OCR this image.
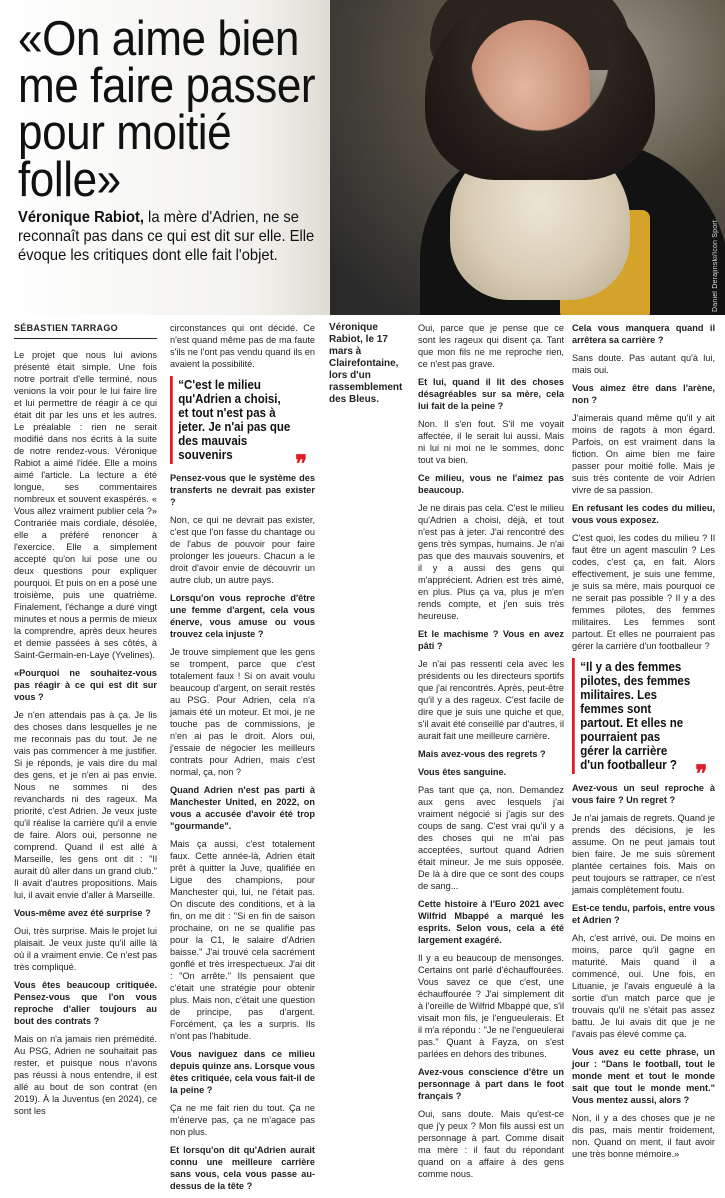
Daniel Derajinski/Icon Sport
«On aime bien me faire passer pour moitié folle»
Véronique Rabiot, la mère d'Adrien, ne se reconnaît pas dans ce qui est dit sur elle. Elle évoque les critiques dont elle fait l'objet.

SÉBASTIEN TARRAGO

Le projet que nous lui avions présenté était simple. Une fois notre portrait d'elle terminé, nous venions la voir pour le lui faire lire et lui permettre de réagir à ce qui était dit par les uns et les autres. Le préalable : rien ne serait modifié dans nos écrits à la suite de notre rendez-vous. Véronique Rabiot a aimé l'idée. Elle a moins aimé l'article. La lecture a été longue, ses commentaires nombreux et souvent exaspérés. « Vous allez vraiment publier cela ?» Contrariée mais cordiale, désolée, elle a préféré renoncer à l'exercice. Elle a simplement accepté qu'on lui pose une ou deux questions pour expliquer pourquoi. Et puis on en a posé une troisième, puis une quatrième. Finalement, l'échange a duré vingt minutes et nous a permis de mieux la comprendre, après deux heures et demie passées à ses côtés, à Saint-Germain-en-Laye (Yvelines).

«Pourquoi ne souhaitez-vous pas réagir à ce qui est dit sur vous ?

Je n'en attendais pas à ça. Je lis des choses dans lesquelles je ne me reconnais pas du tout. Je ne vais pas commencer à me justifier. Si je réponds, je vais dire du mal des gens, et je n'en ai pas envie. Nous ne sommes ni des revanchards ni des rageux. Ma priorité, c'est Adrien. Je veux juste qu'il réalise la carrière qu'il a envie de faire. Alors oui, personne ne comprend. Quand il est allé à Marseille, les gens ont dit : "Il aurait dû aller dans un grand club." Il avait d'autres propositions. Mais lui, il avait envie d'aller à Marseille.

Vous-même avez été surprise ?

Oui, très surprise. Mais le projet lui plaisait. Je veux juste qu'il aille là où il a vraiment envie. Ce n'est pas très compliqué.

Vous êtes beaucoup critiquée. Pensez-vous que l'on vous reproche d'aller toujours au bout des contrats ?

Mais on n'a jamais rien prémédité. Au PSG, Adrien ne souhaitait pas rester, et puisque nous n'avons pas réussi à nous entendre, il est allé au bout de son contrat (en 2019). À la Juventus (en 2024), ce sont les

circonstances qui ont décidé. Ce n'est quand même pas de ma faute s'ils ne l'ont pas vendu quand ils en avaient la possibilité.

“C'est le milieu qu'Adrien a choisi, et tout n'est pas à jeter. Je n'ai pas que des mauvais souvenirs	❞

Pensez-vous que le système des transferts ne devrait pas exister ?

Non, ce qui ne devrait pas exister, c'est que l'on fasse du chantage ou de l'abus de pouvoir pour faire prolonger les joueurs. Chacun a le droit d'avoir envie de découvrir un autre club, un autre pays.

Lorsqu'on vous reproche d'être une femme d'argent, cela vous énerve, vous amuse ou vous trouvez cela injuste ?

Je trouve simplement que les gens se trompent, parce que c'est totalement faux ! Si on avait voulu beaucoup d'argent, on serait restés au PSG. Pour Adrien, cela n'a jamais été un moteur. Et moi, je ne touche pas de commissions, je n'en ai pas le droit. Alors oui, j'essaie de négocier les meilleurs contrats pour Adrien, mais c'est normal, ça, non ?

Quand Adrien n'est pas parti à Manchester United, en 2022, on vous a accusée d'avoir été trop "gourmande".

Mais ça aussi, c'est totalement faux. Cette année-là, Adrien était prêt à quitter la Juve, qualifiée en Ligue des champions, pour Manchester qui, lui, ne l'était pas. On discute des conditions, et à la fin, on me dit : "Si en fin de saison prochaine, on ne se qualifie pas pour la C1, le salaire d'Adrien baisse." J'ai trouvé cela sacrément gonflé et très irrespectueux. J'ai dit : "On arrête." Ils pensaient que c'était une stratégie pour obtenir plus. Mais non, c'était une question de principe, pas d'argent. Forcément, ça les a surpris. Ils n'ont pas l'habitude.

Vous naviguez dans ce milieu depuis quinze ans. Lorsque vous êtes critiquée, cela vous fait-il de la peine ?

Ça ne me fait rien du tout. Ça ne m'énerve pas, ça ne m'agace pas non plus.

Et lorsqu'on dit qu'Adrien aurait connu une meilleure carrière sans vous, cela vous passe au-dessus de la tête ?

Véronique Rabiot, le 17 mars à Clairefontaine, lors d'un rassemblement des Bleus.

Oui, parce que je pense que ce sont les rageux qui disent ça. Tant que mon fils ne me reproche rien, ce n'est pas grave.

Et lui, quand il lit des choses désagréables sur sa mère, cela lui fait de la peine ?

Non. Il s'en fout. S'il me voyait affectée, il le serait lui aussi. Mais ni lui ni moi ne le sommes, donc tout va bien.

Ce milieu, vous ne l'aimez pas beaucoup.

Je ne dirais pas cela. C'est le milieu qu'Adrien a choisi, déjà, et tout n'est pas à jeter. J'ai rencontré des gens très sympas, humains. Je n'ai pas que des mauvais souvenirs, et il y a aussi des gens qui m'apprécient. Adrien est très aimé, en plus. Plus ça va, plus je m'en rends compte, et j'en suis très heureuse.

Et le machisme ? Vous en avez pâti ?

Je n'ai pas ressenti cela avec les présidents ou les directeurs sportifs que j'ai rencontrés. Après, peut-être qu'il y a des rageux. C'est facile de dire que je suis une quiche et que, s'il avait été conseillé par d'autres, il aurait fait une meilleure carrière.

Mais avez-vous des regrets ?

Vous êtes sanguine.

Pas tant que ça, non. Demandez aux gens avec lesquels j'ai vraiment négocié si j'agis sur des coups de sang. C'est vrai qu'il y a des choses qui ne m'ai pas acceptées, surtout quand Adrien était mineur. Je me suis opposée. De là à dire que ce sont des coups de sang...

Cette histoire à l'Euro 2021 avec Wilfrid Mbappé a marqué les esprits. Selon vous, cela a été largement exagéré.

Il y a eu beaucoup de mensonges. Certains ont parlé d'échauffourées. Vous savez ce que c'est, une échauffourée ? J'ai simplement dit à l'oreille de Wilfrid Mbappé que, s'il visait mon fils, je l'engueulerais. Et il m'a répondu : "Je ne l'engueulerai pas." Quant à Fayza, on s'est parlées en dehors des tribunes.

Avez-vous conscience d'être un personnage à part dans le foot français ?

Oui, sans doute. Mais qu'est-ce que j'y peux ? Mon fils aussi est un personnage à part. Comme disait ma mère : il faut du répondant quand on a affaire à des gens comme nous.

Cela vous manquera quand il arrêtera sa carrière ?

Sans doute. Pas autant qu'à lui, mais oui.

Vous aimez être dans l'arène, non ?

J'aimerais quand même qu'il y ait moins de ragots à mon égard. Parfois, on est vraiment dans la fiction. On aime bien me faire passer pour moitié folle. Mais je suis très contente de voir Adrien vivre de sa passion.

En refusant les codes du milieu, vous vous exposez.

C'est quoi, les codes du milieu ? Il faut être un agent masculin ? Les codes, c'est ça, en fait. Alors effectivement, je suis une femme, je suis sa mère, mais pourquoi ce ne serait pas possible ? Il y a des femmes pilotes, des femmes militaires. Les femmes sont partout. Et elles ne pourraient pas gérer la carrière d'un footballeur ?

“Il y a des femmes pilotes, des femmes militaires. Les femmes sont partout. Et elles ne pourraient pas gérer la carrière d'un footballeur ? ❞

Avez-vous un seul reproche à vous faire ? Un regret ?

Je n'ai jamais de regrets. Quand je prends des décisions, je les assume. On ne peut jamais tout bien faire. Je me suis sûrement plantée certaines fois. Mais on peut toujours se rattraper, ce n'est jamais complètement foutu.

Est-ce tendu, parfois, entre vous et Adrien ?

Ah, c'est arrivé, oui. De moins en moins, parce qu'il gagne en maturité. Mais quand il a commencé, oui. Une fois, en Lituanie, je l'avais engueulé à la sortie d'un match parce que je trouvais qu'il ne s'était pas assez battu. Je lui avais dit que je ne l'avais pas élevé comme ça.

Vous avez eu cette phrase, un jour : "Dans le football, tout le monde ment et tout le monde sait que tout le monde ment." Vous mentez aussi, alors ?

Non, il y a des choses que je ne dis pas, mais mentir froidement, non. Quand on ment, il faut avoir une très bonne mémoire.»
